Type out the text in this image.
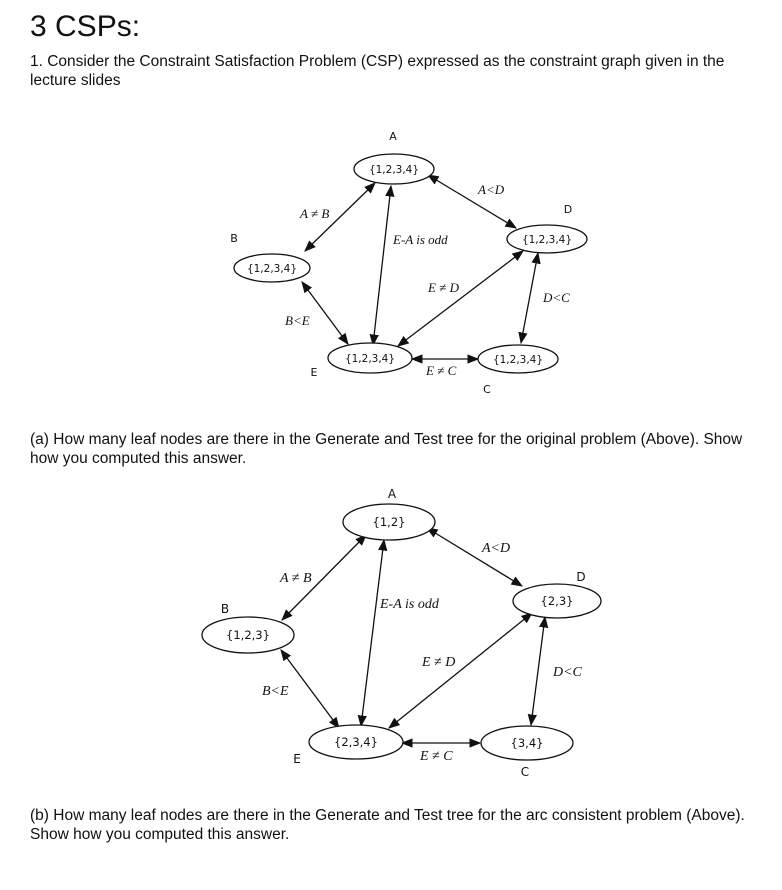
3 CSPs:

1. Consider the Constraint Satisfaction Problem (CSP) expressed as the constraint graph given in the lecture slides

{1,2,3,4}
{1,2,3,4}
{1,2,3,4}
{1,2,3,4}	{1,2,3,4}
A
B
D
E
C
A ≠ B
A<D
E-A is odd
E ≠ D
B<E
D<C
E ≠ C

(a) How many leaf nodes are there in the Generate and Test tree for the original problem (Above). Show how you computed this answer.

{1,2}
{1,2,3}
{2,3}
{2,3,4}	{3,4}
A
B
D
E
C
A ≠ B
A<D
E-A is odd
E ≠ D
B<E
D<C
E ≠ C

(b) How many leaf nodes are there in the Generate and Test tree for the arc consistent problem (Above). Show how you computed this answer.
